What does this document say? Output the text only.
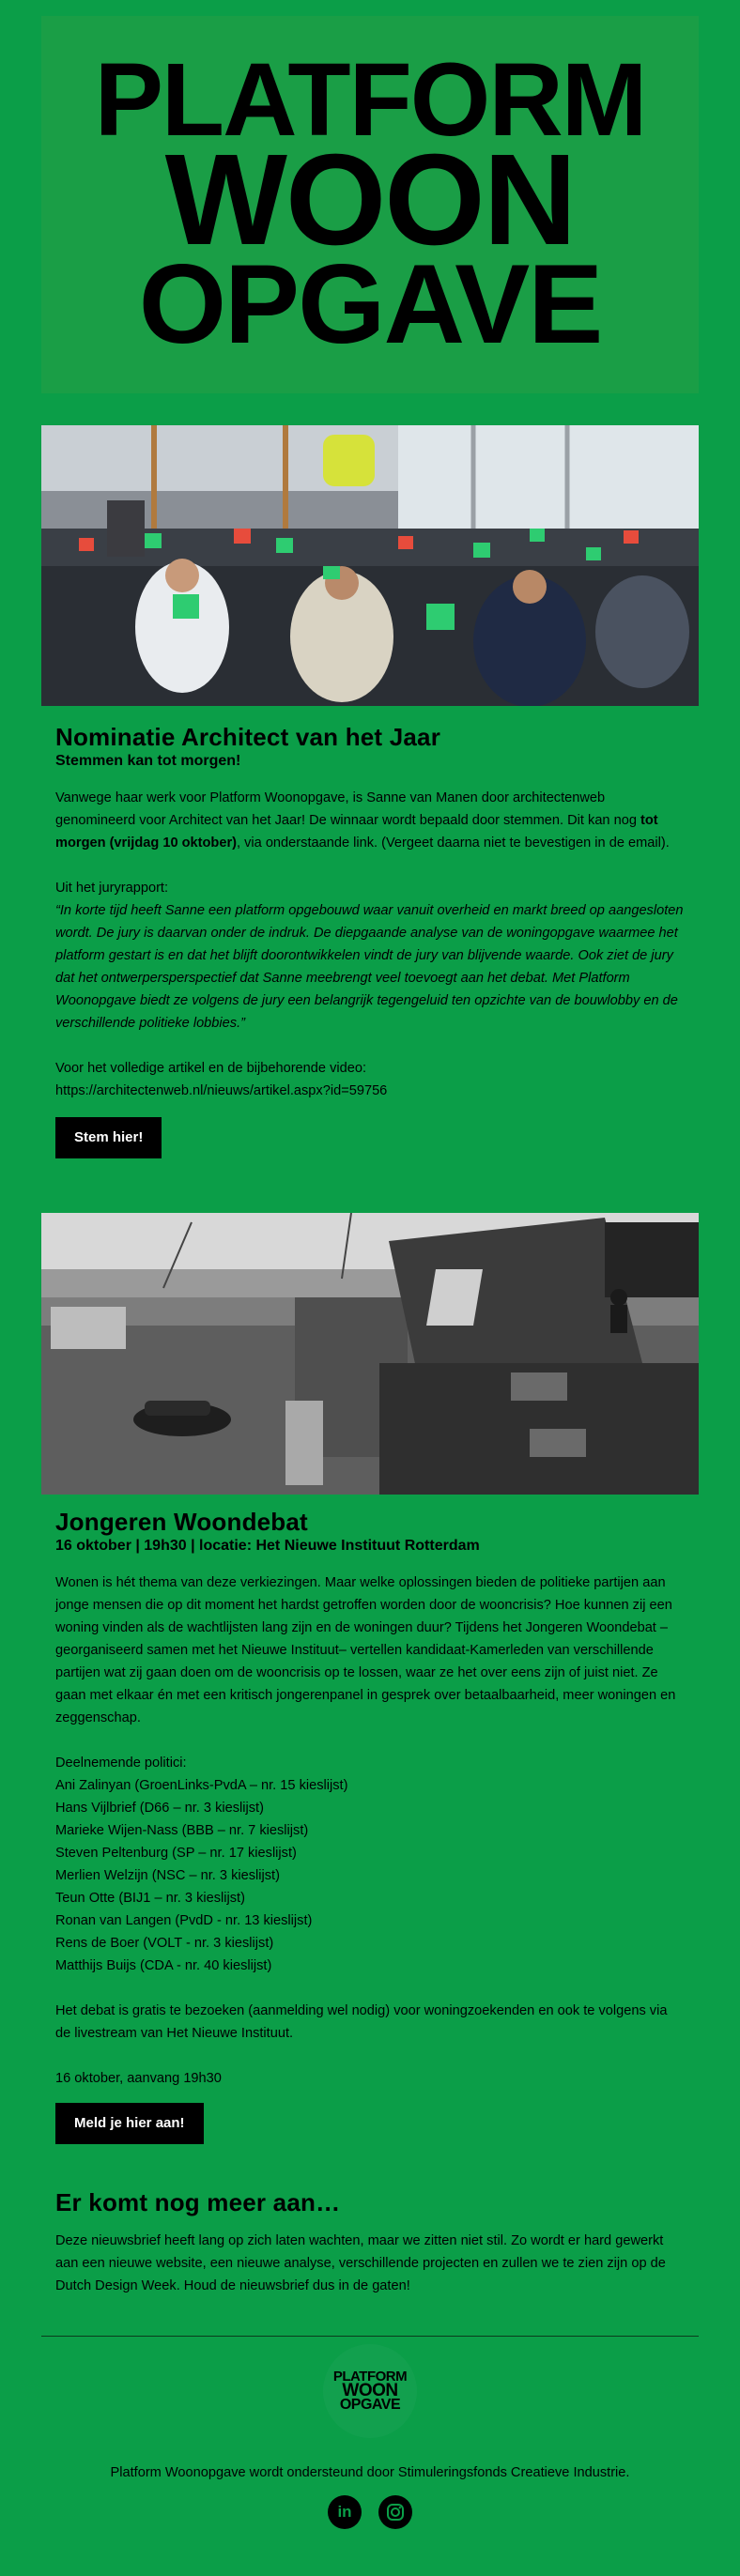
PLATFORM
WOON
OPGAVE
Nominatie Architect van het Jaar
Stemmen kan tot morgen!

Vanwege haar werk voor Platform Woonopgave, is Sanne van Manen door architectenweb genomineerd voor Architect van het Jaar! De winnaar wordt bepaald door stemmen. Dit kan nog tot morgen (vrijdag 10 oktober), via onderstaande link. (Vergeet daarna niet te bevestigen in de email).

Uit het juryrapport:

“In korte tijd heeft Sanne een platform opgebouwd waar vanuit overheid en markt breed op aangesloten wordt. De jury is daarvan onder de indruk. De diepgaande analyse van de woningopgave waarmee het platform gestart is en dat het blijft doorontwikkelen vindt de jury van blijvende waarde. Ook ziet de jury dat het ontwerpersperspectief dat Sanne meebrengt veel toevoegt aan het debat. Met Platform Woonopgave biedt ze volgens de jury een belangrijk tegengeluid ten opzichte van de bouwlobby en de verschillende politieke lobbies.”

Voor het volledige artikel en de bijbehorende video:

https://architectenweb.nl/nieuws/artikel.aspx?id=59756

Stem hier!
Jongeren Woondebat
16 oktober | 19h30 | locatie: Het Nieuwe Instituut Rotterdam

Wonen is hét thema van deze verkiezingen. Maar welke oplossingen bieden de politieke partijen aan jonge mensen die op dit moment het hardst getroffen worden door de wooncrisis? Hoe kunnen zij een woning vinden als de wachtlijsten lang zijn en de woningen duur? Tijdens het Jongeren Woondebat –georganiseerd samen met het Nieuwe Instituut– vertellen kandidaat-Kamerleden van verschillende partijen wat zij gaan doen om de wooncrisis op te lossen, waar ze het over eens zijn of juist niet. Ze gaan met elkaar én met een kritisch jongerenpanel in gesprek over betaalbaarheid, meer woningen en zeggenschap.

Deelnemende politici:

Ani Zalinyan (GroenLinks-PvdA – nr. 15 kieslijst)

Hans Vijlbrief (D66 – nr. 3 kieslijst)

Marieke Wijen-Nass (BBB – nr. 7 kieslijst)

Steven Peltenburg (SP – nr. 17 kieslijst)

Merlien Welzijn (NSC – nr. 3 kieslijst)

Teun Otte (BIJ1 – nr. 3 kieslijst)

Ronan van Langen (PvdD - nr. 13 kieslijst)

Rens de Boer (VOLT - nr. 3 kieslijst)

Matthijs Buijs (CDA - nr. 40 kieslijst)

Het debat is gratis te bezoeken (aanmelding wel nodig) voor woningzoekenden en ook te volgens via de livestream van Het Nieuwe Instituut.

16 oktober, aanvang 19h30

Meld je hier aan!
Er komt nog meer aan…

Deze nieuwsbrief heeft lang op zich laten wachten, maar we zitten niet stil. Zo wordt er hard gewerkt aan een nieuwe website, een nieuwe analyse, verschillende projecten en zullen we te zien zijn op de Dutch Design Week. Houd de nieuwsbrief dus in de gaten!

PLATFORM
WOON
OPGAVE
Platform Woonopgave wordt ondersteund door Stimuleringsfonds Creatieve Industrie.
in
